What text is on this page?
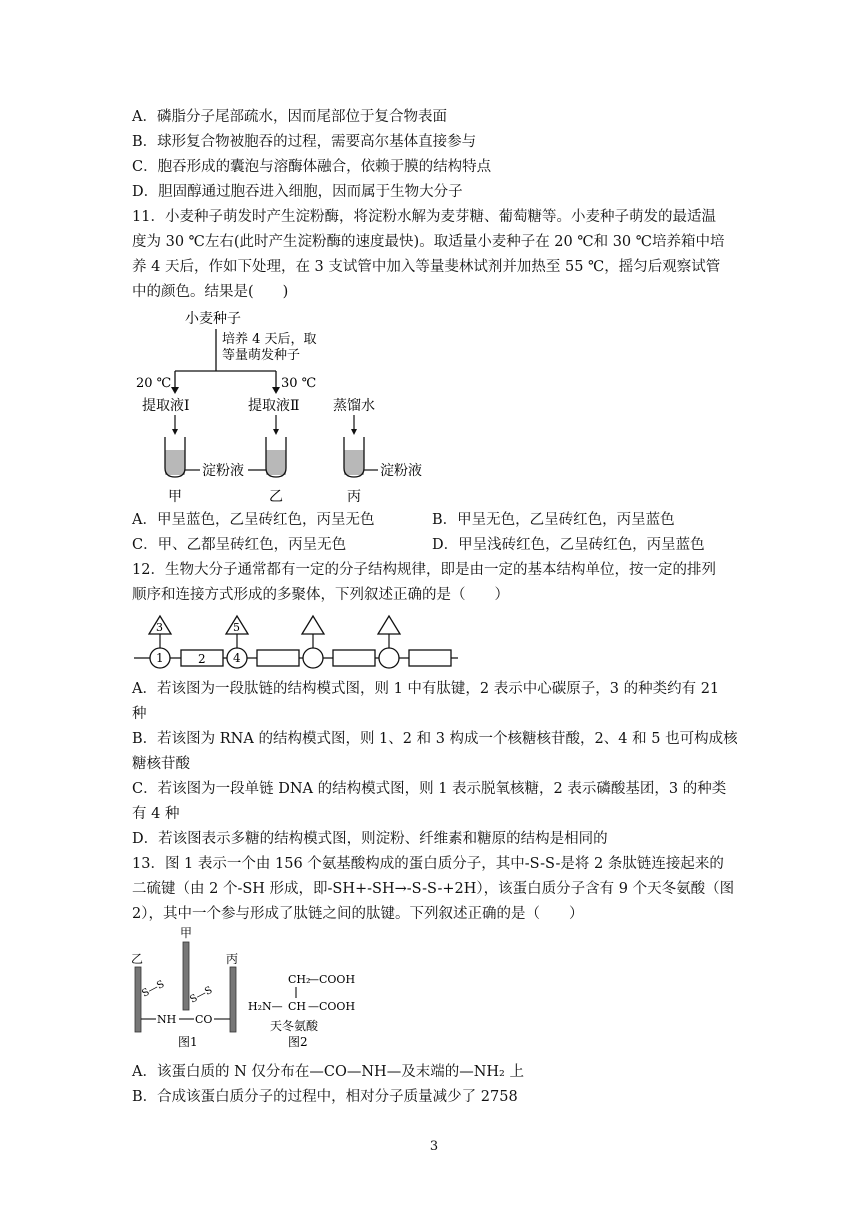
A．磷脂分子尾部疏水，因而尾部位于复合物表面
B．球形复合物被胞吞的过程，需要高尔基体直接参与
C．胞吞形成的囊泡与溶酶体融合，依赖于膜的结构特点
D．胆固醇通过胞吞进入细胞，因而属于生物大分子
11．小麦种子萌发时产生淀粉酶，将淀粉水解为麦芽糖、葡萄糖等。小麦种子萌发的最适温
度为 30 ℃左右(此时产生淀粉酶的速度最快)。取适量小麦种子在 20 ℃和 30 ℃培养箱中培
养 4 天后，作如下处理，在 3 支试管中加入等量斐林试剂并加热至 55 ℃，摇匀后观察试管
中的颜色。结果是(　　)
小麦种子
培养 4 天后，取
等量萌发种子
20 ℃	30 ℃
提取液Ⅰ	提取液Ⅱ 蒸馏水
淀粉液	淀粉液
甲	乙	丙
A．甲呈蓝色，乙呈砖红色，丙呈无色	B．甲呈无色，乙呈砖红色，丙呈蓝色
C．甲、乙都呈砖红色，丙呈无色	D．甲呈浅砖红色，乙呈砖红色，丙呈蓝色
12．生物大分子通常都有一定的分子结构规律，即是由一定的基本结构单位，按一定的排列
顺序和连接方式形成的多聚体，下列叙述正确的是（　　）
3
1	2
5
4
A．若该图为一段肽链的结构模式图，则 1 中有肽键，2 表示中心碳原子，3 的种类约有 21
种
B．若该图为 RNA 的结构模式图，则 1、2 和 3 构成一个核糖核苷酸，2、4 和 5 也可构成核
糖核苷酸
C．若该图为一段单链 DNA 的结构模式图，则 1 表示脱氧核糖，2 表示磷酸基团，3 的种类
有 4 种
D．若该图表示多糖的结构模式图，则淀粉、纤维素和糖原的结构是相同的
13．图 1 表示一个由 156 个氨基酸构成的蛋白质分子，其中-S-S-是将 2 条肽链连接起来的
二硫键（由 2 个-SH 形成，即-SH+-SH→-S-S-+2H），该蛋白质分子含有 9 个天冬氨酸（图
2），其中一个参与形成了肽链之间的肽键。下列叙述正确的是（　　）
乙
甲
丙
S—S S—S
NH CO
图1
CH₂
—COOH
H₂N— CH —COOH
天冬氨酸
图2
A．该蛋白质的 N 仅分布在—CO—NH—及末端的—NH₂ 上
B．合成该蛋白质分子的过程中，相对分子质量减少了 2758
3
